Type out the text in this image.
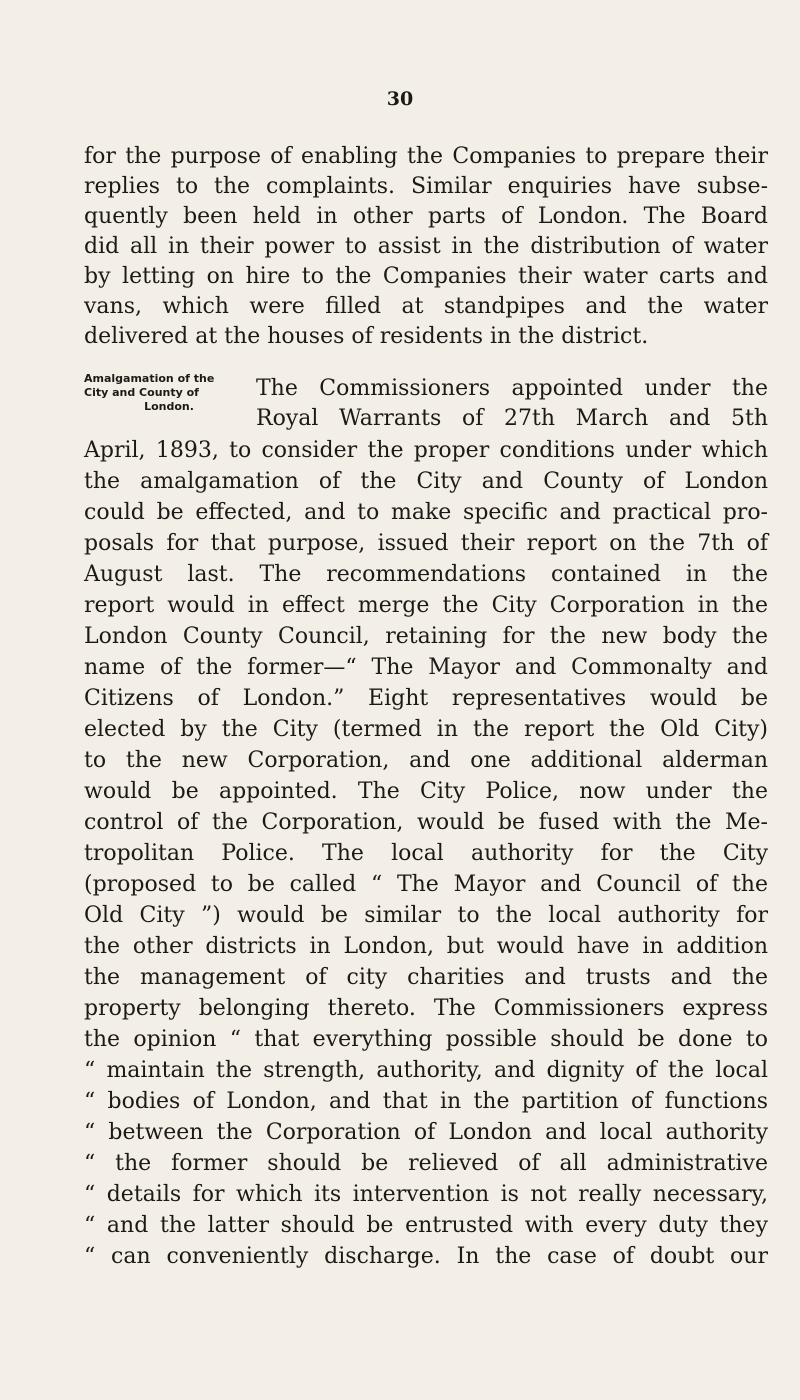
30
for the purpose of enabling the Companies to prepare their
replies to the complaints. Similar enquiries have subse-
quently been held in other parts of London. The Board
did all in their power to assist in the distribution of water
by letting on hire to the Companies their water carts and
vans, which were filled at standpipes and the water
delivered at the houses of residents in the district.
Amalgamation of the
City and County of
London.
The Commissioners appointed under the
Royal Warrants of 27th March and 5th
April, 1893, to consider the proper conditions under which
the amalgamation of the City and County of London
could be effected, and to make specific and practical pro-
posals for that purpose, issued their report on the 7th of
August last. The recommendations contained in the
report would in effect merge the City Corporation in the
London County Council, retaining for the new body the
name of the former—“ The Mayor and Commonalty and
Citizens of London.” Eight representatives would be
elected by the City (termed in the report the Old City)
to the new Corporation, and one additional alderman
would be appointed. The City Police, now under the
control of the Corporation, would be fused with the Me-
tropolitan Police. The local authority for the City
(proposed to be called “ The Mayor and Council of the
Old City ”) would be similar to the local authority for
the other districts in London, but would have in addition
the management of city charities and trusts and the
property belonging thereto. The Commissioners express
the opinion “ that everything possible should be done to
“ maintain the strength, authority, and dignity of the local
“ bodies of London, and that in the partition of functions
“ between the Corporation of London and local authority
“ the former should be relieved of all administrative
“ details for which its intervention is not really necessary,
“ and the latter should be entrusted with every duty they
“ can conveniently discharge. In the case of doubt our
